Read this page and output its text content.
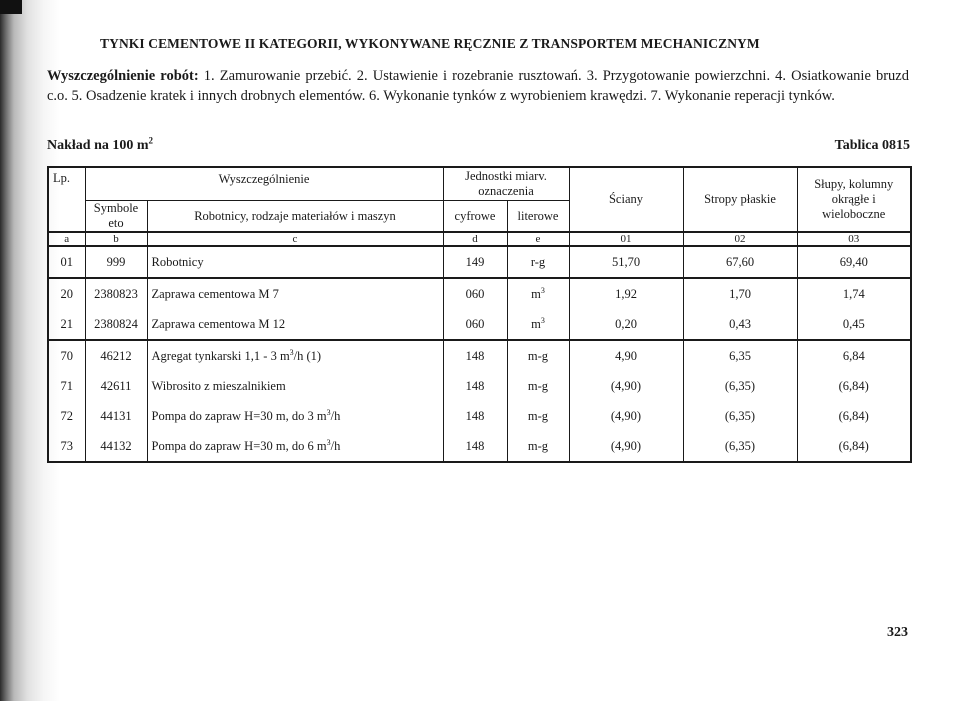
TYNKI CEMENTOWE II KATEGORII, WYKONYWANE RĘCZNIE Z TRANSPORTEM MECHANICZNYM
Wyszczególnienie robót: 1. Zamurowanie przebić. 2. Ustawienie i rozebranie rusztowań. 3. Przygotowanie powierzchni. 4. Osiatkowanie bruzd c.o. 5. Osadzenie kratek i innych drobnych elementów. 6. Wykonanie tynków z wyrobieniem krawędzi. 7. Wykonanie reperacji tynków.
Nakład na 100 $m^2$	Tablica 0815
Lp.	Wyszczególnienie		Jednostki miarv. oznaczenia		Ściany	Stropy płaskie	Słupy, kolumny okrągłe i wieloboczne
	Symbole eto	Robotnicy, rodzaje materiałów i maszyn					
			cyfrowe	literowe			
a	b	c	d	e	01	02	03
01	999	Robotnicy	149	r-g	51,70	67,60	69,40
20	2380823	Zaprawa cementowa M 7	060	$m^3$	1,92	1,70	1,74
21	2380824	Zaprawa cementowa M 12	060	$m^3$	0,20	0,43	0,45
70	46212	Agregat tynkarski 1,1 - 3 $m^3/h$ (1)	148	m-g	4,90	6,35	6,84
71	42611	Wibrosito z mieszalnikiem	148	m-g	(4,90)	(6,35)	(6,84)
72	44131	Pompa do zapraw H=30 m, do 3 $m^3/h$	148	m-g	(4,90)	(6,35)	(6,84)
73	44132	Pompa do zapraw H=30 m, do 6 $m^3/h$	148	m-g	(4,90)	(6,35)	(6,84)
323
